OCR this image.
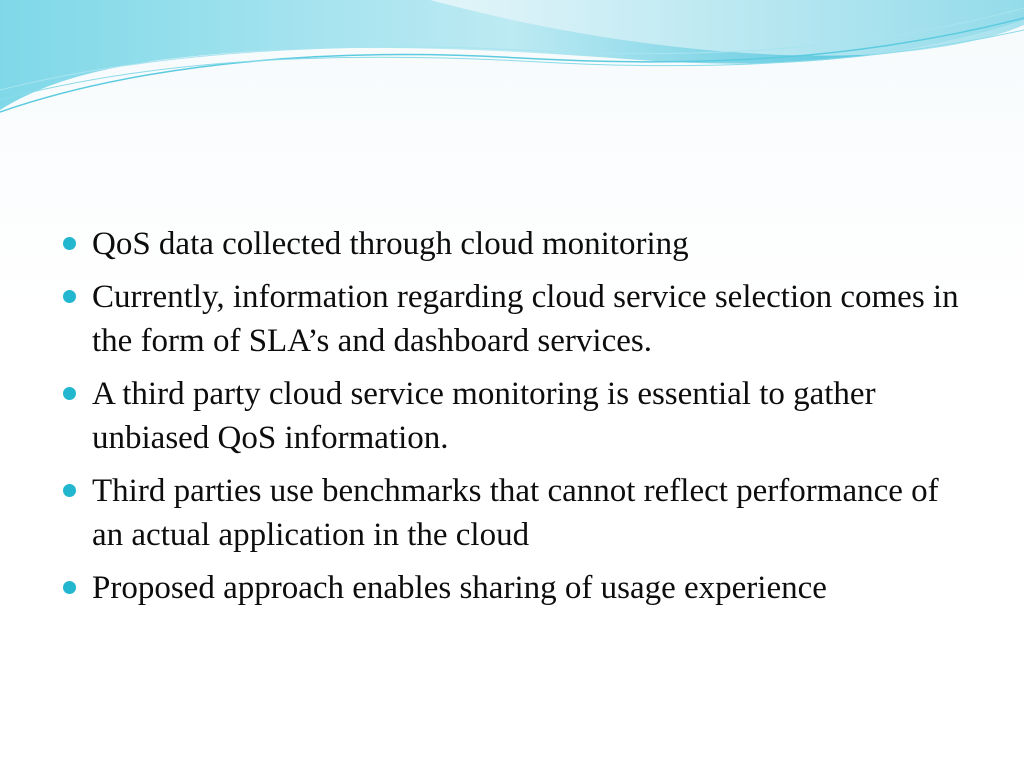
QoS data collected through cloud monitoring
Currently, information regarding cloud service selection comes in the form of SLA’s and dashboard services.
A third party cloud service monitoring is essential to gather unbiased QoS information.
Third parties use benchmarks that cannot reflect performance of an actual application in the cloud
Proposed approach enables sharing of usage experience
